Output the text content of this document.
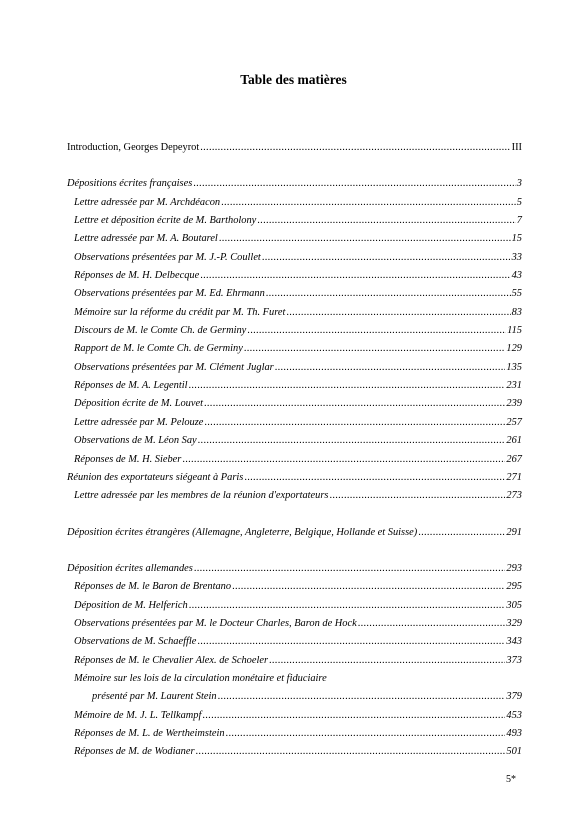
Table des matières
Introduction, Georges Depeyrot .....	III
Dépositions écrites françaises .....	3
Lettre adressée par M. Archdéacon .....	5
Lettre et déposition écrite de M. Bartholony .....	7
Lettre adressée par M. A. Boutarel .....	15
Observations présentées par M. J.-P. Coullet .....	33
Réponses de M. H. Delbecque .....	43
Observations présentées par M. Ed. Ehrmann .....	55
Mémoire sur la réforme du crédit par M. Th. Furet .....	83
Discours de M. le Comte Ch. de Germiny .....	115
Rapport de M. le Comte Ch. de Germiny .....	129
Observations présentées par M. Clément Juglar .....	135
Réponses de M. A. Legentil .....	231
Déposition écrite de M. Louvet .....	239
Lettre adressée par M. Pelouze .....	257
Observations de M. Léon Say .....	261
Réponses de M. H. Sieber .....	267
Réunion des exportateurs siégeant à Paris .....	271
Lettre adressée par les membres de la réunion d'exportateurs .....	273
Déposition écrites étrangères (Allemagne, Angleterre, Belgique, Hollande et Suisse) .....	291
Déposition écrites allemandes .....	293
Réponses de M. le Baron de Brentano .....	295
Déposition de M. Helferich .....	305
Observations présentées par M. le Docteur Charles, Baron de Hock .....	329
Observations de M. Schaeffle .....	343
Réponses de M. le Chevalier Alex. de Schoeler .....	373
Mémoire sur les lois de la circulation monétaire et fiduciaire
présenté par M. Laurent Stein .....	379
Mémoire de M. J. L. Tellkampf .....	453
Réponses de M. L. de Wertheimstein .....	493
Réponses de M. de Wodianer .....	501
5*
